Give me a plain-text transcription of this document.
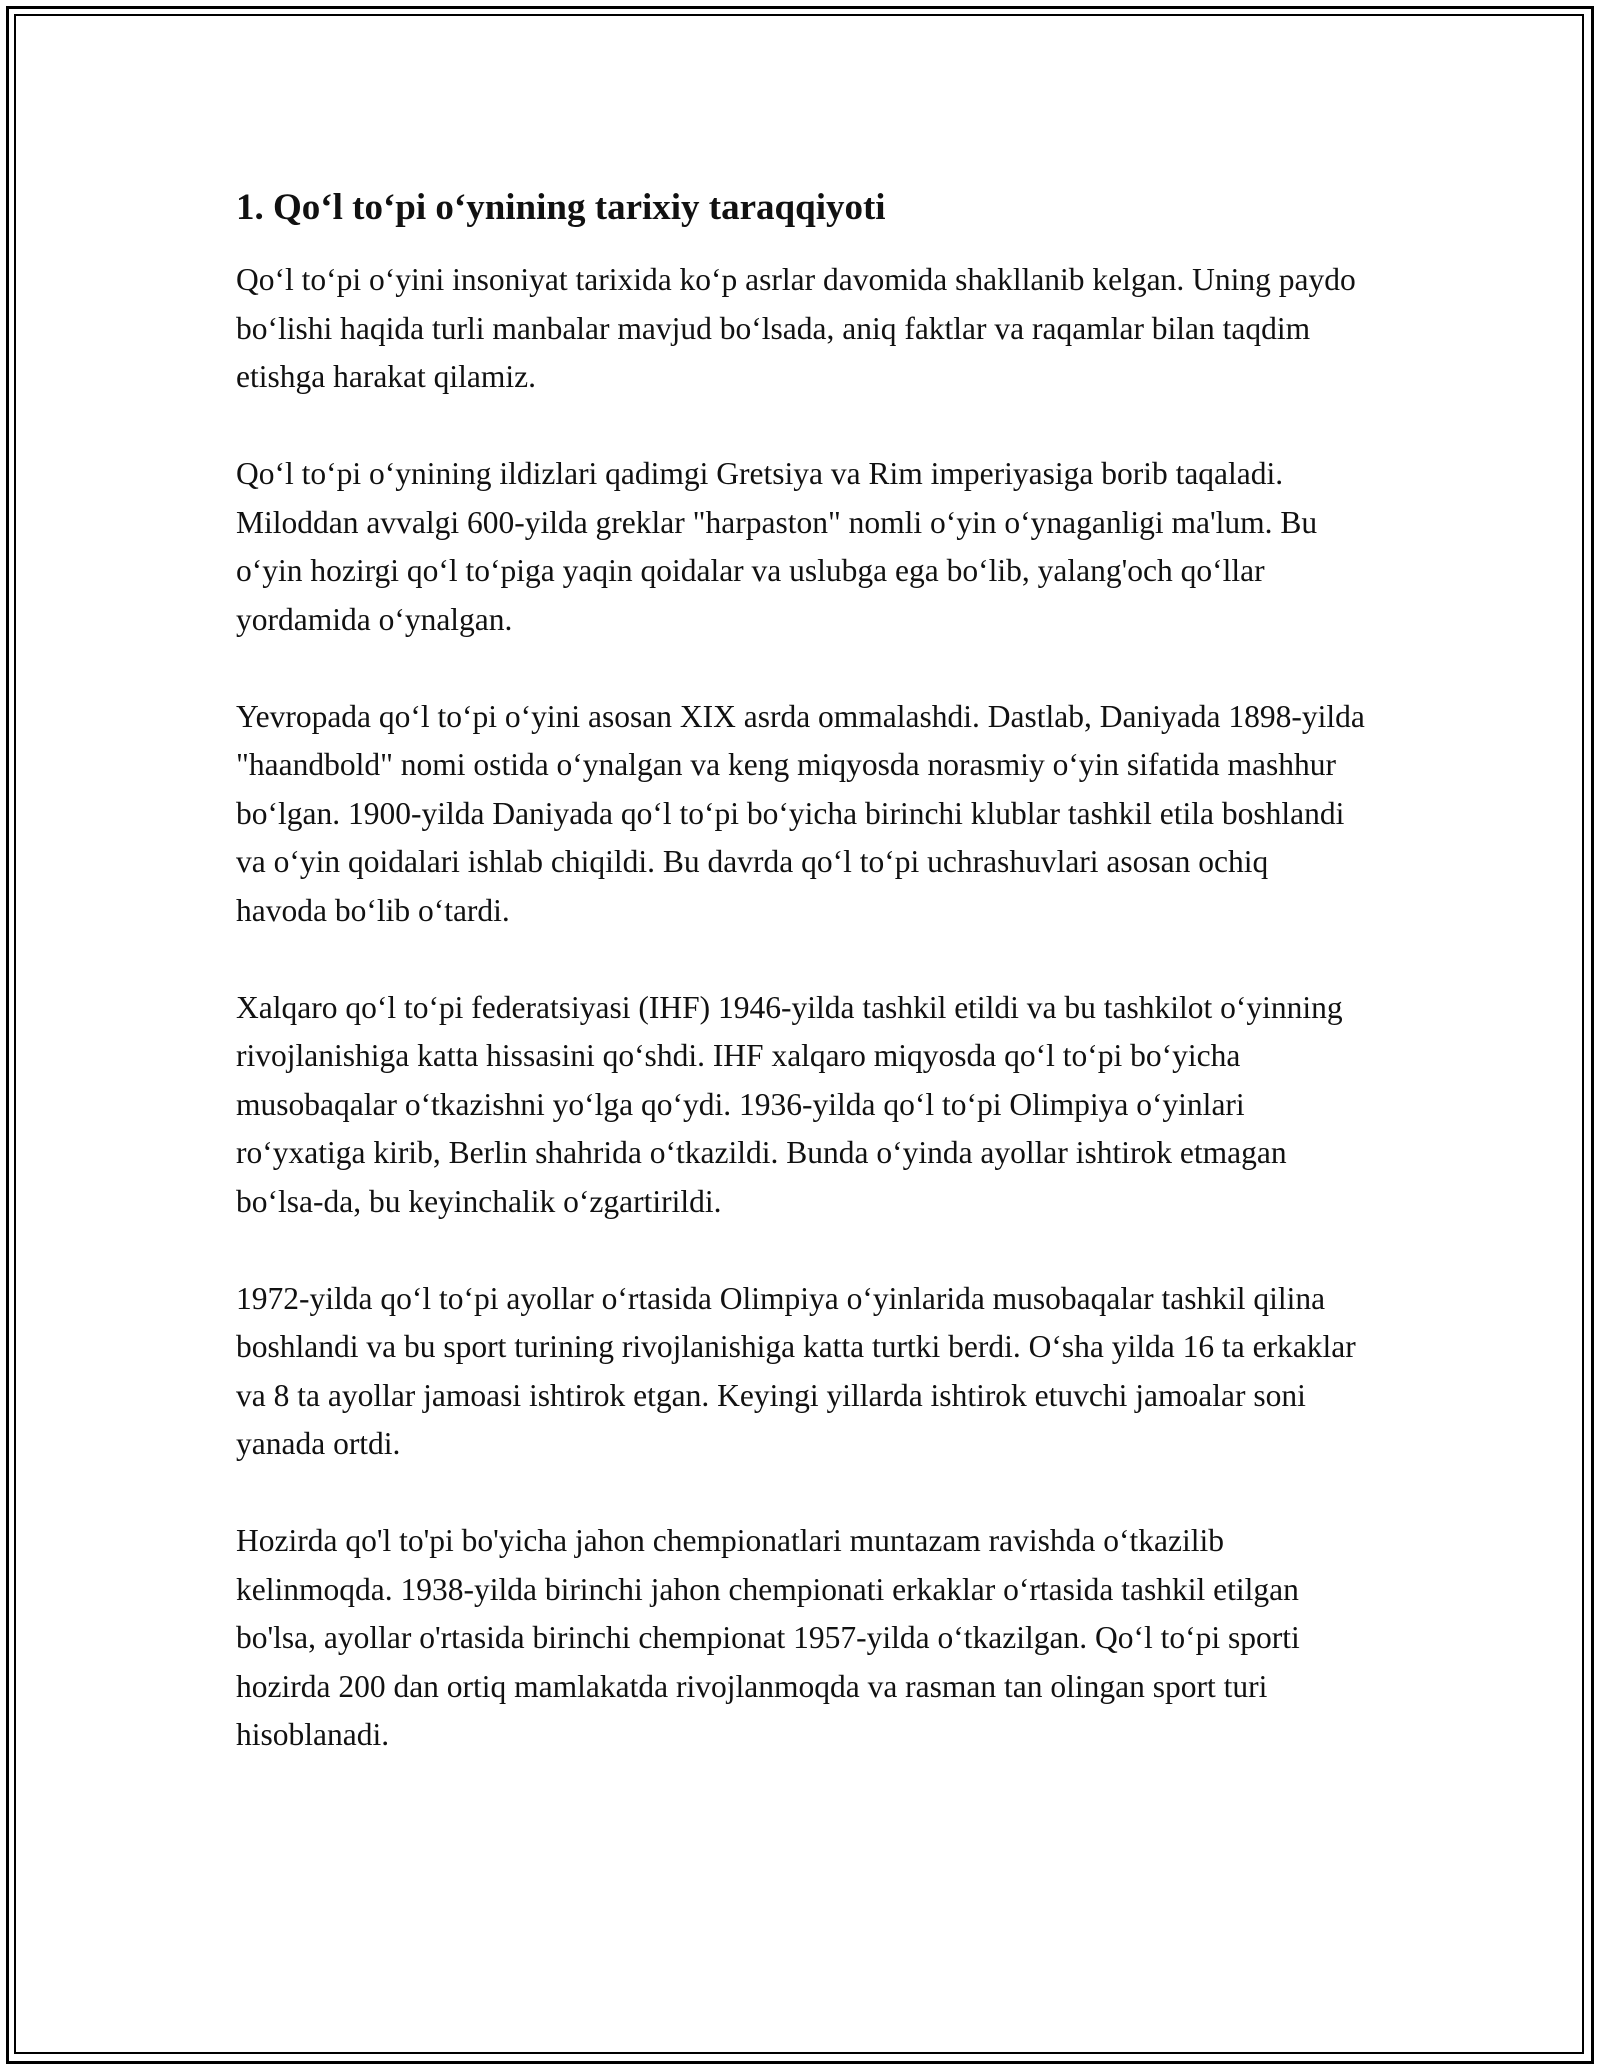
1. Qo‘l to‘pi o‘ynining tarixiy taraqqiyoti

Qo‘l to‘pi o‘yini insoniyat tarixida ko‘p asrlar davomida shakllanib kelgan. Uning paydo bo‘lishi haqida turli manbalar mavjud bo‘lsada, aniq faktlar va raqamlar bilan taqdim etishga harakat qilamiz.

Qo‘l to‘pi o‘ynining ildizlari qadimgi Gretsiya va Rim imperiyasiga borib taqaladi. Miloddan avvalgi 600-yilda greklar "harpaston" nomli o‘yin o‘ynaganligi ma'lum. Bu o‘yin hozirgi qo‘l to‘piga yaqin qoidalar va uslubga ega bo‘lib, yalang'och qo‘llar yordamida o‘ynalgan.

Yevropada qo‘l to‘pi o‘yini asosan XIX asrda ommalashdi. Dastlab, Daniyada 1898-yilda "haandbold" nomi ostida o‘ynalgan va keng miqyosda norasmiy o‘yin sifatida mashhur bo‘lgan. 1900-yilda Daniyada qo‘l to‘pi bo‘yicha birinchi klublar tashkil etila boshlandi va o‘yin qoidalari ishlab chiqildi. Bu davrda qo‘l to‘pi uchrashuvlari asosan ochiq havoda bo‘lib o‘tardi.

Xalqaro qo‘l to‘pi federatsiyasi (IHF) 1946-yilda tashkil etildi va bu tashkilot o‘yinning rivojlanishiga katta hissasini qo‘shdi. IHF xalqaro miqyosda qo‘l to‘pi bo‘yicha musobaqalar o‘tkazishni yo‘lga qo‘ydi. 1936-yilda qo‘l to‘pi Olimpiya o‘yinlari ro‘yxatiga kirib, Berlin shahrida o‘tkazildi. Bunda o‘yinda ayollar ishtirok etmagan bo‘lsa-da, bu keyinchalik o‘zgartirildi.

1972-yilda qo‘l to‘pi ayollar o‘rtasida Olimpiya o‘yinlarida musobaqalar tashkil qilina boshlandi va bu sport turining rivojlanishiga katta turtki berdi. O‘sha yilda 16 ta erkaklar va 8 ta ayollar jamoasi ishtirok etgan. Keyingi yillarda ishtirok etuvchi jamoalar soni yanada ortdi.

Hozirda qo'l to'pi bo'yicha jahon chempionatlari muntazam ravishda o‘tkazilib kelinmoqda. 1938-yilda birinchi jahon chempionati erkaklar o‘rtasida tashkil etilgan bo'lsa, ayollar o'rtasida birinchi chempionat 1957-yilda o‘tkazilgan. Qo‘l to‘pi sporti hozirda 200 dan ortiq mamlakatda rivojlanmoqda va rasman tan olingan sport turi hisoblanadi.
